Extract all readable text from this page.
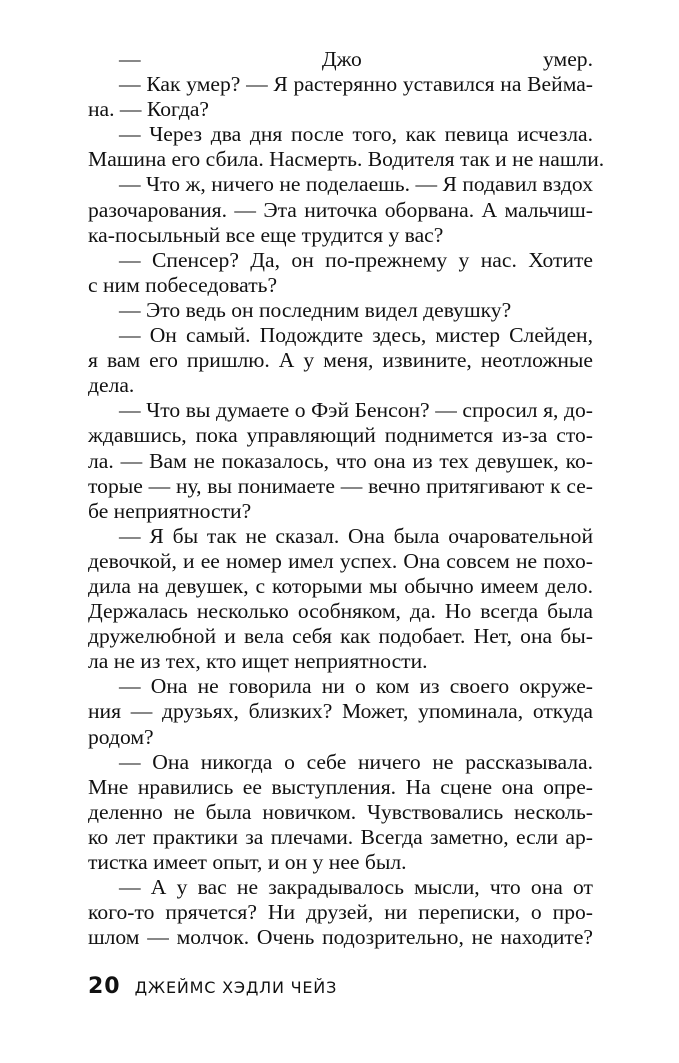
— Джо умер.
— Как умер? — Я растерянно уставился на Вейма-
на. — Когда?
— Через два дня после того, как певица исчезла.
Машина его сбила. Насмерть. Водителя так и не нашли.
— Что ж, ничего не поделаешь. — Я подавил вздох
разочарования. — Эта ниточка оборвана. А мальчиш-
ка-посыльный все еще трудится у вас?
— Спенсер? Да, он по-прежнему у нас. Хотите
с ним побеседовать?
— Это ведь он последним видел девушку?
— Он самый. Подождите здесь, мистер Слейден,
я вам его пришлю. А у меня, извините, неотложные
дела.
— Что вы думаете о Фэй Бенсон? — спросил я, до-
ждавшись, пока управляющий поднимется из-за сто-
ла. — Вам не показалось, что она из тех девушек, ко-
торые — ну, вы понимаете — вечно притягивают к се-
бе неприятности?
— Я бы так не сказал. Она была очаровательной
девочкой, и ее номер имел успех. Она совсем не похо-
дила на девушек, с которыми мы обычно имеем дело.
Держалась несколько особняком, да. Но всегда была
дружелюбной и вела себя как подобает. Нет, она бы-
ла не из тех, кто ищет неприятности.
— Она не говорила ни о ком из своего окруже-
ния — друзьях, близких? Может, упоминала, откуда
родом?
— Она никогда о себе ничего не рассказывала.
Мне нравились ее выступления. На сцене она опре-
деленно не была новичком. Чувствовались несколь-
ко лет практики за плечами. Всегда заметно, если ар-
тистка имеет опыт, и он у нее был.
— А у вас не закрадывалось мысли, что она от
кого-то прячется? Ни друзей, ни переписки, о про-
шлом — молчок. Очень подозрительно, не находите?
20 ДЖЕЙМС ХЭДЛИ ЧЕЙЗ
